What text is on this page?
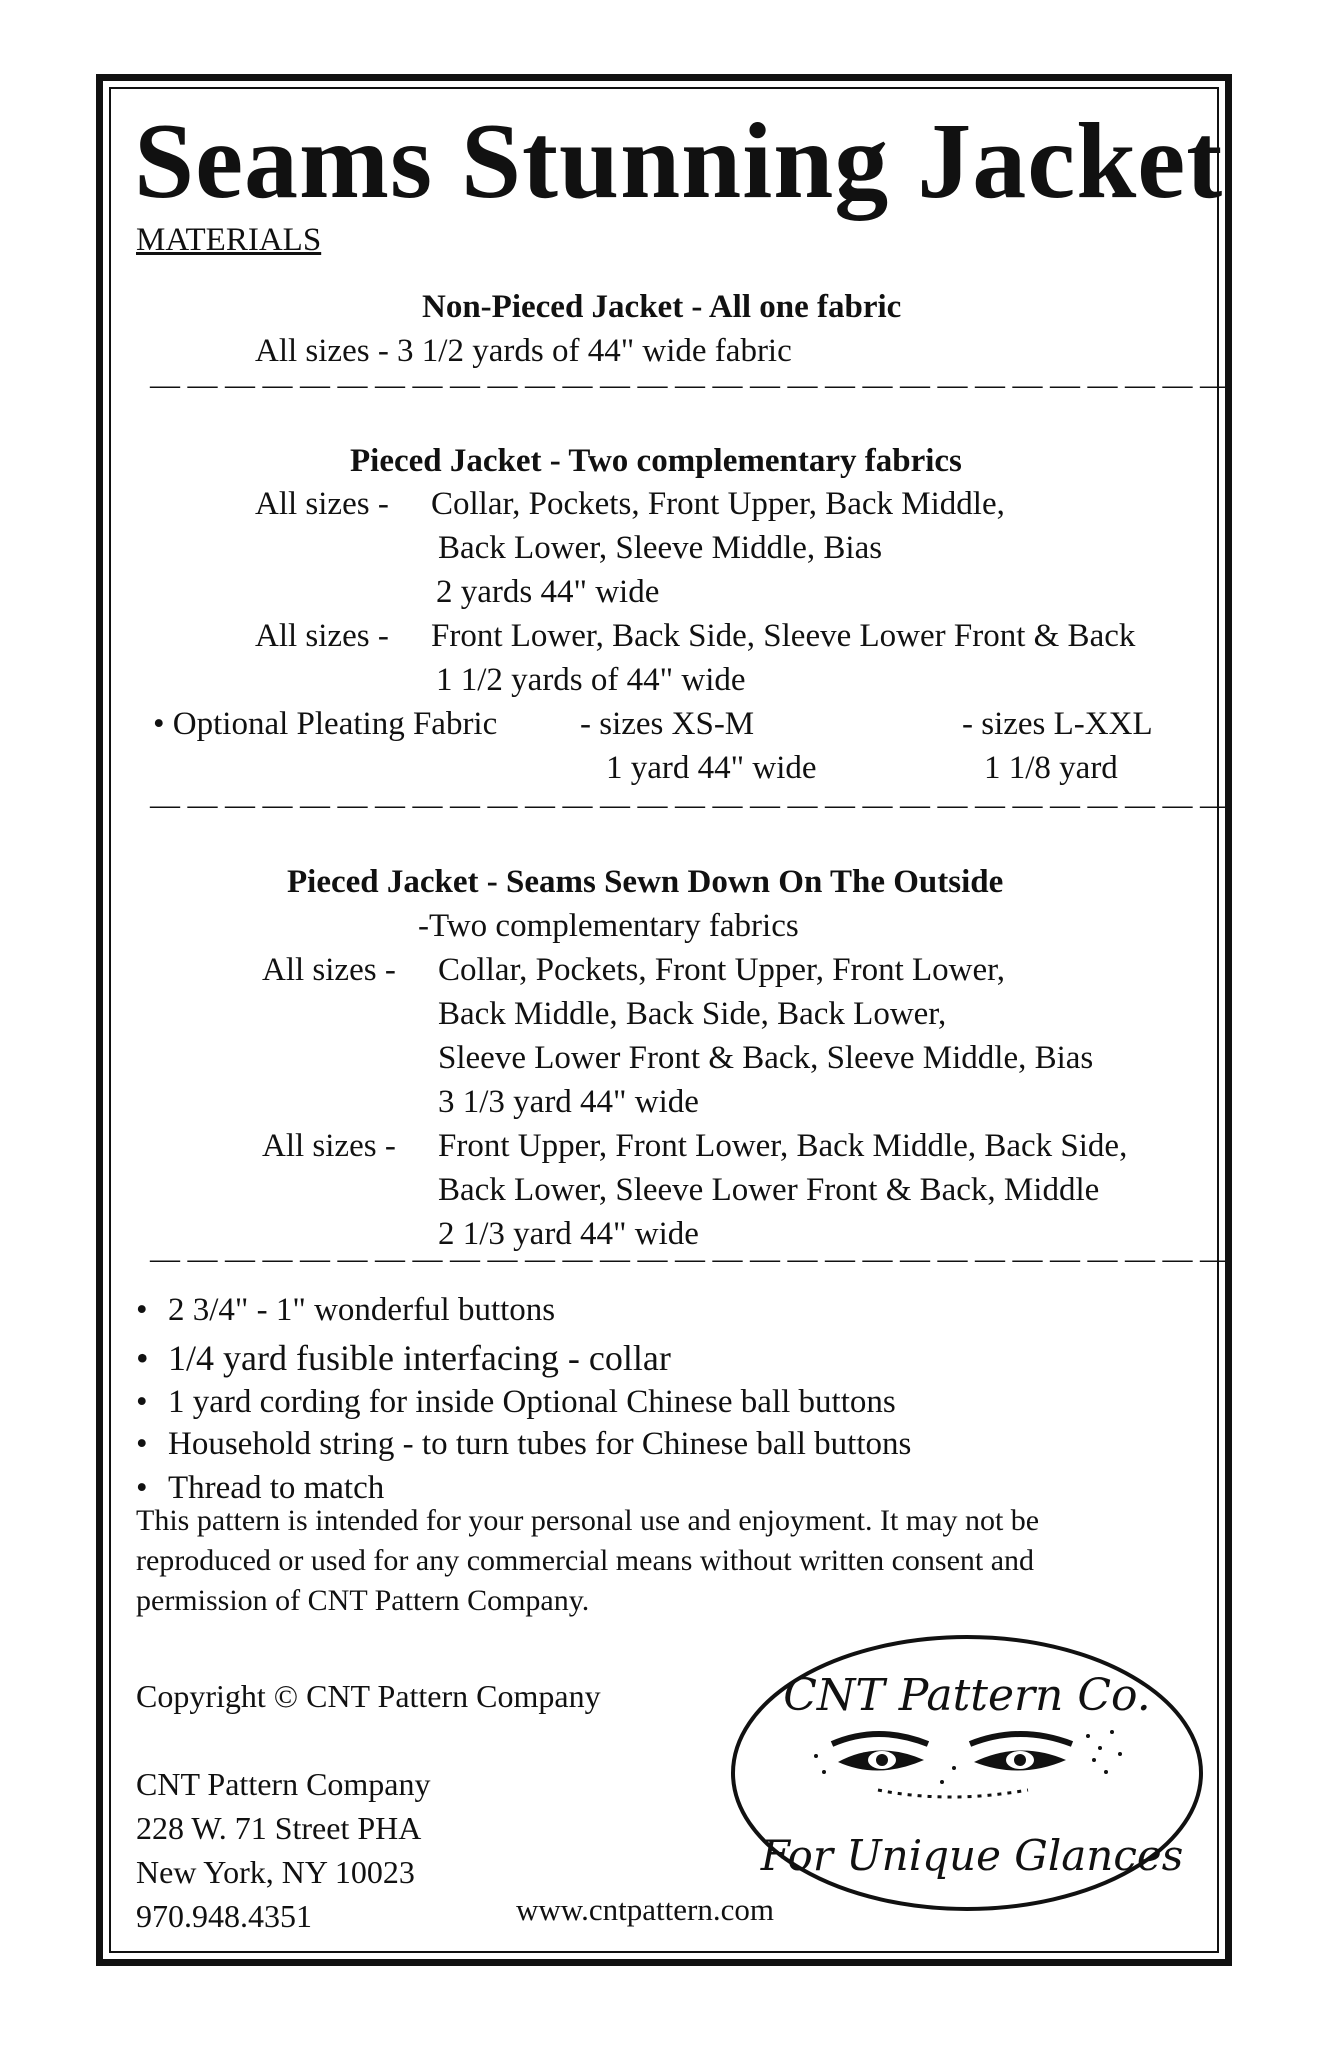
Seams Stunning Jacket
MATERIALS
Non-Pieced Jacket - All one fabric
All sizes - 3 1/2 yards of 44" wide fabric
— — — — — — — — — — — — — — — — — — — — — — — — — — — — —
Pieced Jacket - Two complementary fabrics
All sizes - Collar, Pockets, Front Upper, Back Middle,
Back Lower, Sleeve Middle, Bias
2 yards 44" wide
All sizes - Front Lower, Back Side, Sleeve Lower Front & Back
1 1/2 yards of 44" wide
• Optional Pleating Fabric	- sizes XS-M
1 yard 44" wide
- sizes L-XXL
1 1/8 yard
— — — — — — — — — — — — — — — — — — — — — — — — — — — — —
Pieced Jacket - Seams Sewn Down On The Outside
-Two complementary fabrics
All sizes - Collar, Pockets, Front Upper, Front Lower,
Back Middle, Back Side, Back Lower,
Sleeve Lower Front & Back, Sleeve Middle, Bias
3 1/3 yard 44" wide
All sizes - Front Upper, Front Lower, Back Middle, Back Side,
Back Lower, Sleeve Lower Front & Back, Middle
2 1/3 yard 44" wide
— — — — — — — — — — — — — — — — — — — — — — — — — — — — —
• 2 3/4" - 1" wonderful buttons
• 1/4 yard fusible interfacing - collar
• 1 yard cording for inside Optional Chinese ball buttons
• Household string - to turn tubes for Chinese ball buttons
• Thread to match
This pattern is intended for your personal use and enjoyment. It may not be
reproduced or used for any commercial means without written consent and
permission of CNT Pattern Company.
Copyright © CNT Pattern Company
CNT Pattern Company
228 W. 71 Street PHA
New York, NY 10023
970.948.4351	www.cntpattern.com
CNT Pattern Co.
For Unique Glances
